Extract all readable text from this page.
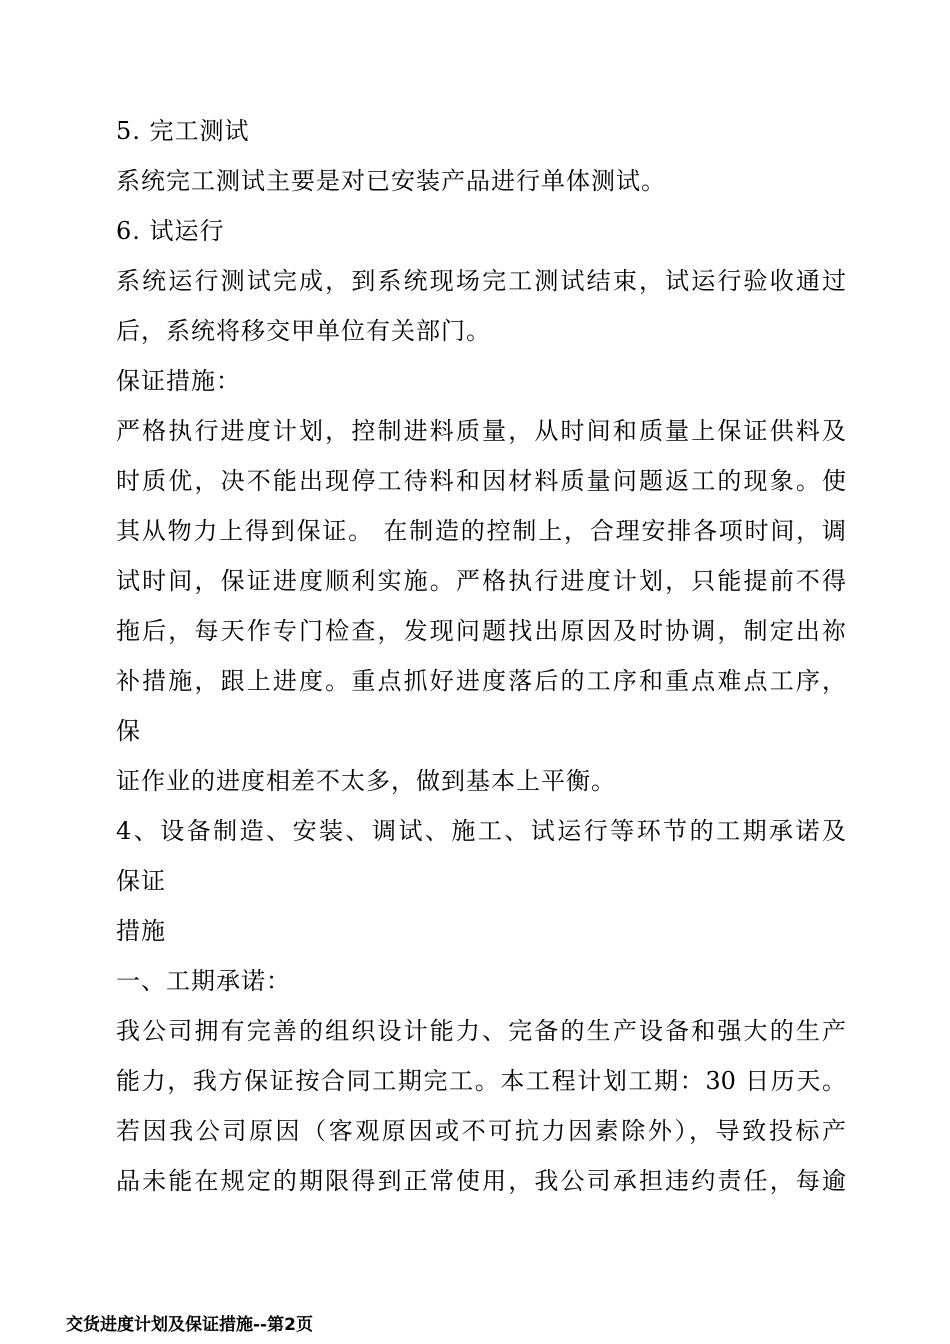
5. 完工测试
系统完工测试主要是对已安装产品进行单体测试。
6. 试运行
系统运行测试完成，到系统现场完工测试结束，试运行验收通过
后，系统将移交甲单位有关部门。
保证措施：
严格执行进度计划，控制进料质量，从时间和质量上保证供料及
时质优，决不能出现停工待料和因材料质量问题返工的现象。使
其从物力上得到保证。 在制造的控制上，合理安排各项时间，调
试时间，保证进度顺利实施。严格执行进度计划，只能提前不得
拖后，每天作专门检查，发现问题找出原因及时协调，制定出祢
补措施，跟上进度。重点抓好进度落后的工序和重点难点工序，
保
证作业的进度相差不太多，做到基本上平衡。
4、设备制造、安装、调试、施工、试运行等环节的工期承诺及
保证
措施
一、工期承诺：
我公司拥有完善的组织设计能力、完备的生产设备和强大的生产
能力，我方保证按合同工期完工。本工程计划工期：30 日历天。
若因我公司原因（客观原因或不可抗力因素除外），导致投标产
品未能在规定的期限得到正常使用，我公司承担违约责任，每逾
交货进度计划及保证措施--第2页
